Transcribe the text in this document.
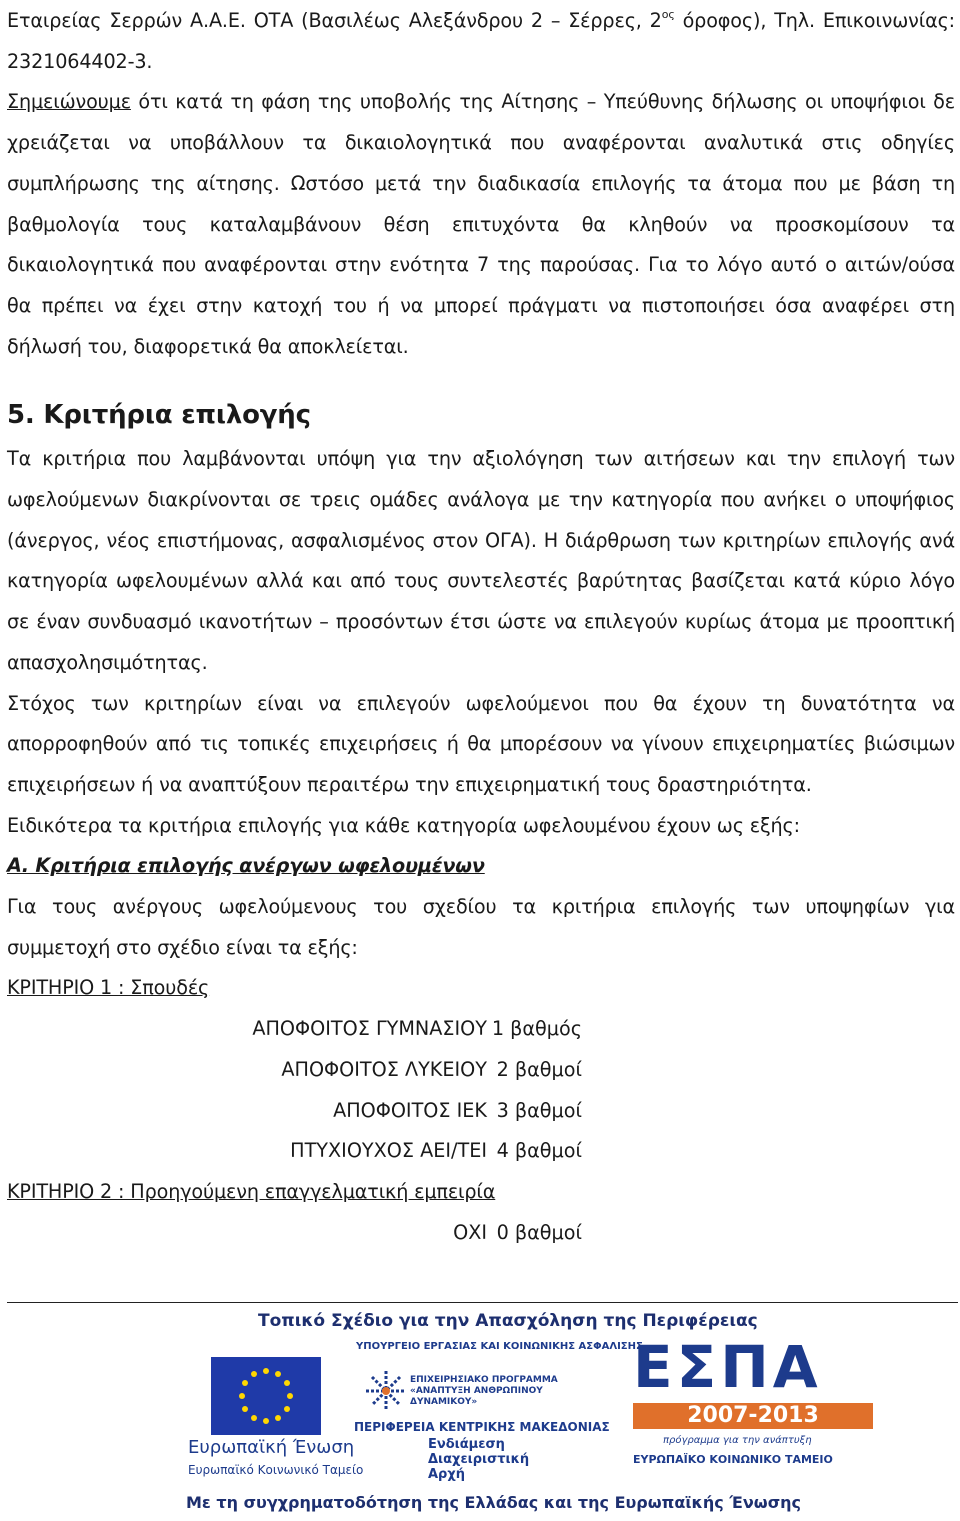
Εταιρείας Σερρών Α.Α.Ε. ΟΤΑ (Βασιλέως Αλεξάνδρου 2 – Σέρρες, $2^{o\varsigma}$ όροφος), Τηλ. Επικοινωνίας: 2321064402-3.

Σημειώνουμε ότι κατά τη φάση της υποβολής της Αίτησης – Υπεύθυνης δήλωσης οι υποψήφιοι δε χρειάζεται να υποβάλλουν τα δικαιολογητικά που αναφέρονται αναλυτικά στις οδηγίες συμπλήρωσης της αίτησης. Ωστόσο μετά την διαδικασία επιλογής τα άτομα που με βάση τη βαθμολογία τους καταλαμβάνουν θέση επιτυχόντα θα κληθούν να προσκομίσουν τα δικαιολογητικά που αναφέρονται στην ενότητα 7 της παρούσας. Για το λόγο αυτό ο αιτών/ούσα θα πρέπει να έχει στην κατοχή του ή να μπορεί πράγματι να πιστοποιήσει όσα αναφέρει στη δήλωσή του, διαφορετικά θα αποκλείεται.

5. Κριτήρια επιλογής

Τα κριτήρια που λαμβάνονται υπόψη για την αξιολόγηση των αιτήσεων και την επιλογή των ωφελούμενων διακρίνονται σε τρεις ομάδες ανάλογα με την κατηγορία που ανήκει ο υποψήφιος (άνεργος, νέος επιστήμονας, ασφαλισμένος στον ΟΓΑ). Η διάρθρωση των κριτηρίων επιλογής ανά κατηγορία ωφελουμένων αλλά και από τους συντελεστές βαρύτητας βασίζεται κατά κύριο λόγο σε έναν συνδυασμό ικανοτήτων – προσόντων έτσι ώστε να επιλεγούν κυρίως άτομα με προοπτική απασχολησιμότητας.

Στόχος των κριτηρίων είναι να επιλεγούν ωφελούμενοι που θα έχουν τη δυνατότητα να απορροφηθούν από τις τοπικές επιχειρήσεις ή θα μπορέσουν να γίνουν επιχειρηματίες βιώσιμων επιχειρήσεων ή να αναπτύξουν περαιτέρω την επιχειρηματική τους δραστηριότητα.

Ειδικότερα τα κριτήρια επιλογής για κάθε κατηγορία ωφελουμένου έχουν ως εξής:

Α. Κριτήρια επιλογής ανέργων ωφελουμένων

Για τους ανέργους ωφελούμενους του σχεδίου τα κριτήρια επιλογής των υποψηφίων για συμμετοχή στο σχέδιο είναι τα εξής:

ΚΡΙΤΗΡΙΟ 1 : Σπουδές

ΑΠΟΦΟΙΤΟΣ ΓΥΜΝΑΣΙΟΥ 1 βαθμός
ΑΠΟΦΟΙΤΟΣ ΛΥΚΕΙΟΥ 2 βαθμοί
ΑΠΟΦΟΙΤΟΣ ΙΕΚ 3 βαθμοί
ΠΤΥΧΙΟΥΧΟΣ ΑΕΙ/ΤΕΙ 4 βαθμοί

ΚΡΙΤΗΡΙΟ 2 : Προηγούμενη επαγγελματική εμπειρία

ΟΧΙ 0 βαθμοί
Τοπικό Σχέδιο για την Απασχόληση της Περιφέρειας
Ευρωπαϊκή Ένωση
Ευρωπαϊκό Κοινωνικό Ταμείο
ΥΠΟΥΡΓΕΙΟ ΕΡΓΑΣΙΑΣ ΚΑΙ ΚΟΙΝΩΝΙΚΗΣ ΑΣΦΑΛΙΣΗΣ
ΕΠΙΧΕΙΡΗΣΙΑΚΟ ΠΡΟΓΡΑΜΜΑ «ΑΝΑΠΤΥΞΗ ΑΝΘΡΩΠΙΝΟΥ ΔΥΝΑΜΙΚΟΥ»
ΠΕΡΙΦΕΡΕΙΑ ΚΕΝΤΡΙΚΗΣ ΜΑΚΕΔΟΝΙΑΣ
Ενδιάμεση Διαχειριστική Αρχή
ΕΣΠΑ
2007-2013
πρόγραμμα για την ανάπτυξη
ΕΥΡΩΠΑΪΚΟ ΚΟΙΝΩΝΙΚΟ ΤΑΜΕΙΟ
Με τη συγχρηματοδότηση της Ελλάδας και της Ευρωπαϊκής Ένωσης
